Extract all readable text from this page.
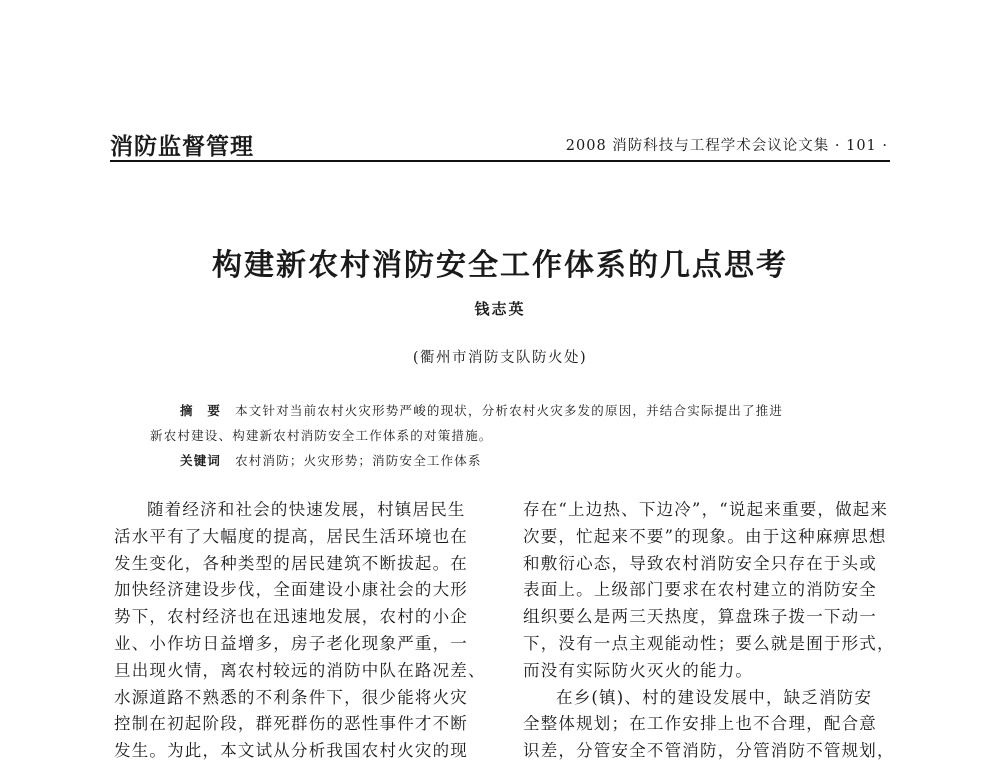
消防监督管理	2008 消防科技与工程学术会议论文集 · 101 ·
构建新农村消防安全工作体系的几点思考
钱志英
(衢州市消防支队防火处)
摘　要 本文针对当前农村火灾形势严峻的现状，分析农村火灾多发的原因，并结合实际提出了推进
新农村建设、构建新农村消防安全工作体系的对策措施。
关键词 农村消防；火灾形势；消防安全工作体系
随着经济和社会的快速发展，村镇居民生
活水平有了大幅度的提高，居民生活环境也在
发生变化，各种类型的居民建筑不断拔起。在
加快经济建设步伐，全面建设小康社会的大形
势下，农村经济也在迅速地发展，农村的小企
业、小作坊日益增多，房子老化现象严重，一
旦出现火情，离农村较远的消防中队在路况差、
水源道路不熟悉的不利条件下，很少能将火灾
控制在初起阶段，群死群伤的恶性事件才不断
发生。为此，本文试从分析我国农村火灾的现
存在“上边热、下边冷”，“说起来重要，做起来
次要，忙起来不要”的现象。由于这种麻痹思想
和敷衍心态，导致农村消防安全只存在于头或
表面上。上级部门要求在农村建立的消防安全
组织要么是两三天热度，算盘珠子拨一下动一
下，没有一点主观能动性；要么就是囿于形式，
而没有实际防火灭火的能力。
在乡(镇)、村的建设发展中，缺乏消防安
全整体规划；在工作安排上也不合理，配合意
识差，分管安全不管消防，分管消防不管规划，
